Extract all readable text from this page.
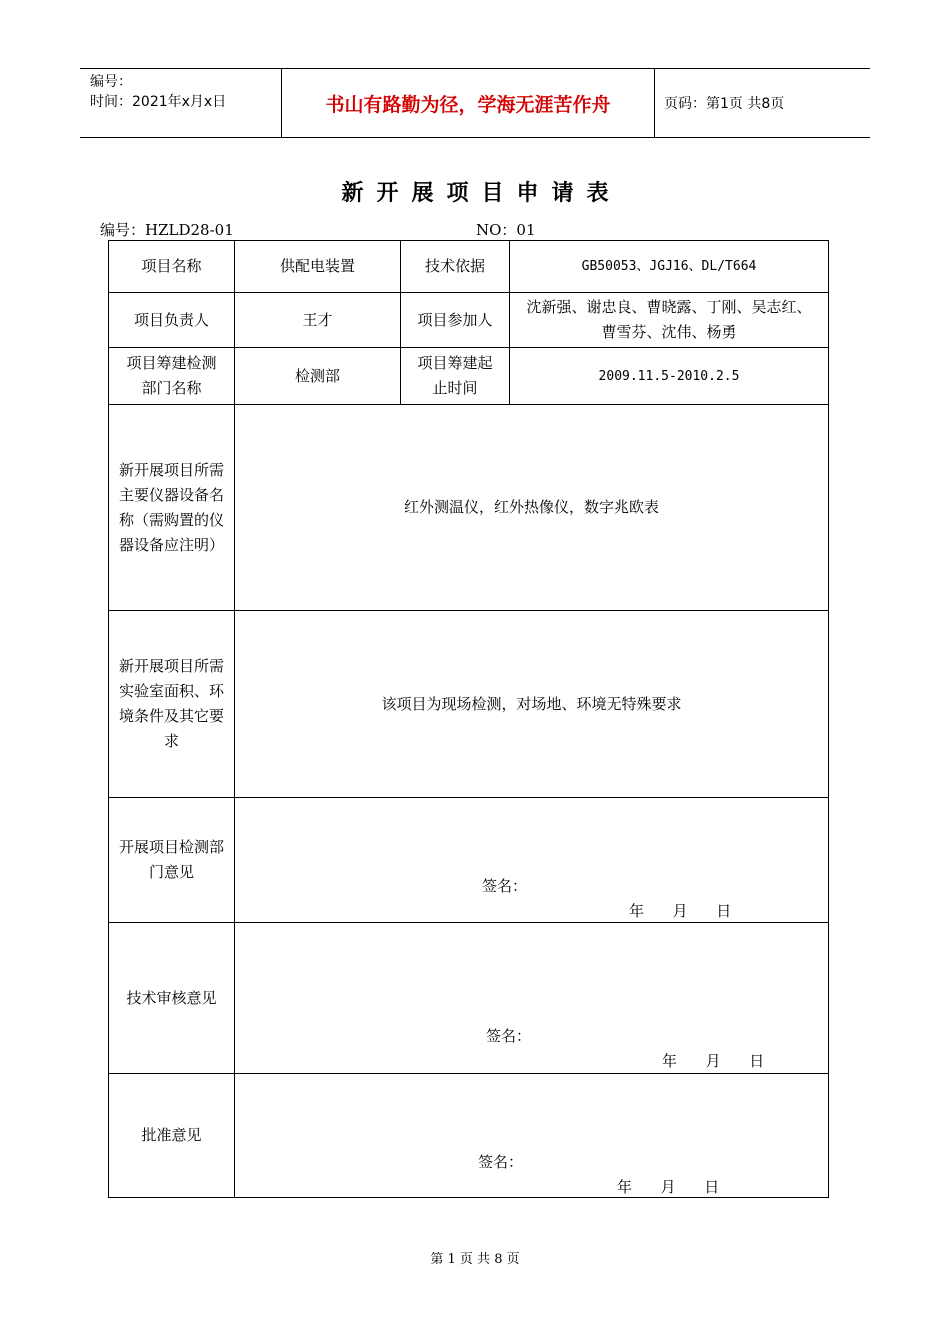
编号：
时间：2021年x月x日	书山有路勤为径，学海无涯苦作舟	页码：第1页 共8页
新开展项目申请表
编号：HZLD28-01	NO：01
项目名称	供配电装置	技术依据	GB50053、JGJ16、DL/T664
项目负责人	王才	项目参加人	沈新强、谢忠良、曹晓露、丁刚、吴志红、曹雪芬、沈伟、杨勇
项目筹建检测部门名称	检测部	项目筹建起止时间	2009.11.5-2010.2.5
新开展项目所需主要仪器设备名称（需购置的仪器设备应注明）	红外测温仪，红外热像仪，数字兆欧表		
新开展项目所需实验室面积、环境条件及其它要求	该项目为现场检测，对场地、环境无特殊要求		
开展项目检测部门意见	签名：
年      月      日		

技术审核意见	签名：
年      月      日		

批准意见	签名：
年      月      日		
第 1 页 共 8 页
